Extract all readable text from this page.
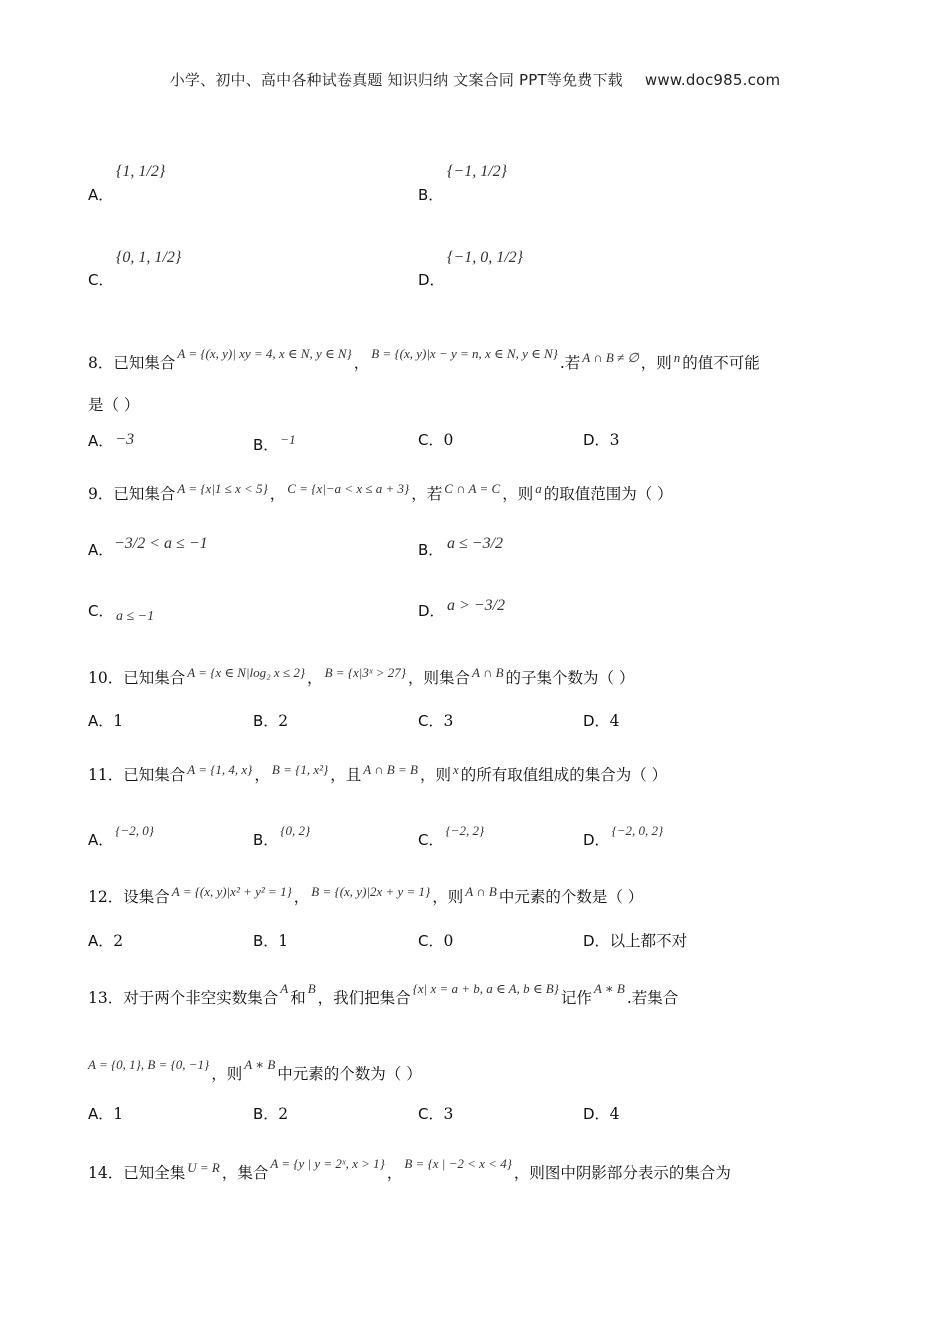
小学、初中、高中各种试卷真题 知识归纳 文案合同 PPT等免费下载 www.doc985.com
A．
{1, 1/2}
B．
{−1, 1/2}
C．
{0, 1, 1/2}
D．
{−1, 0, 1/2}
8．已知集合A = {(x, y)| xy = 4, x ∈ N, y ∈ N}，B = {(x, y)|x − y = n, x ∈ N, y ∈ N}.若 A ∩ B ≠ ∅ ，则 n 的值不可能
是（ ）
A． −3	B． −1	C．0	D．3
9．已知集合 A = {x|1 ≤ x < 5} ， C = {x|−a < x ≤ a + 3} ，若 C ∩ A = C ，则 a 的取值范围为（ ）
A． −3/2 < a ≤ −1	B． a ≤ −3/2
C． a ≤ −1	D． a > −3/2
10．已知集合 A = {x ∈ N|log₂ x ≤ 2} ， B = {x|3ˣ > 27} ，则集合 A ∩ B 的子集个数为（ ）
A．1	B．2	C．3	D．4
11．已知集合 A = {1, 4, x} ， B = {1, x²} ，且 A ∩ B = B ，则 x 的所有取值组成的集合为（ ）
A．{−2, 0}
B．{0, 2}
C．{−2, 2}
D．{−2, 0, 2}
12．设集合 A = {(x, y)|x² + y² = 1} ， B = {(x, y)|2x + y = 1} ，则 A ∩ B 中元素的个数是（ ）
A．2	B．1	C．0	D．以上都不对
13．对于两个非空实数集合A和B，我们把集合{x| x = a + b, a ∈ A, b ∈ B}记作A ∗ B.若集合
A = {0, 1}, B = {0, −1}，则A ∗ B中元素的个数为（ ）
A．1	B．2	C．3	D．4
14．已知全集 U = R ，集合A = {y | y = 2ˣ, x > 1}，B = {x | −2 < x < 4}，则图中阴影部分表示的集合为
